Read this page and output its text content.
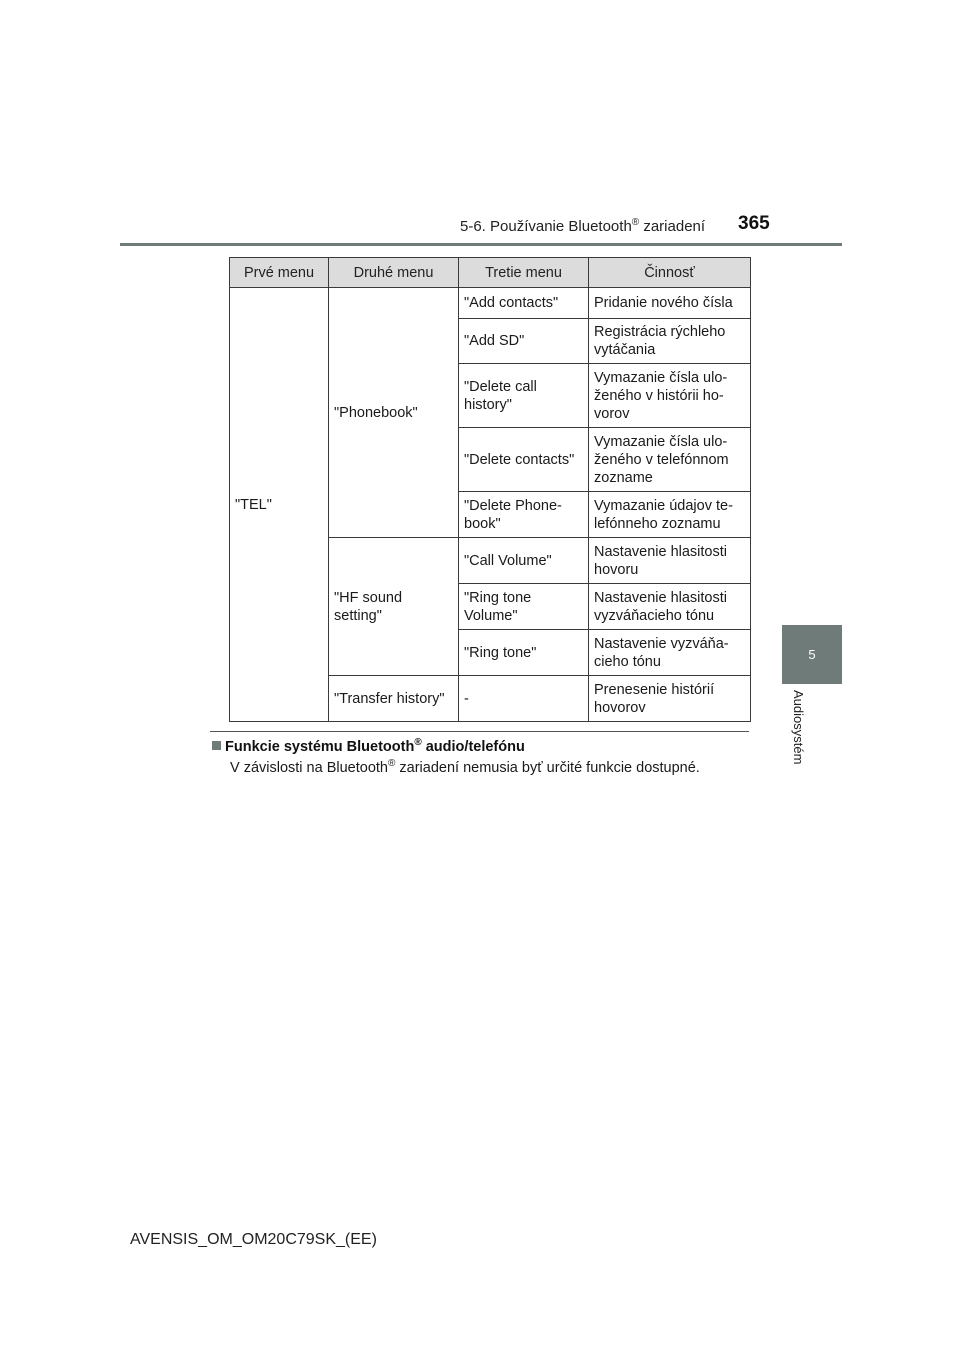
5-6. Používanie Bluetooth® zariadení 365
5
Audiosystém
Prvé menu	Druhé menu	Tretie menu	Činnosť
"TEL"	"Phonebook"	"Add contacts"	Pridanie nového čísla
		"Add SD"	Registrácia rýchleho vytáčania
		"Delete call history"	Vymazanie čísla ulo-ženého v histórii ho-vorov
		"Delete contacts"	Vymazanie čísla ulo-ženého v telefónnom zozname
		"Delete Phone-book"	Vymazanie údajov te-lefónneho zoznamu
	"HF sound setting"	"Call Volume"	Nastavenie hlasitosti hovoru
		"Ring tone Volume"	Nastavenie hlasitosti vyzváňacieho tónu
		"Ring tone"	Nastavenie vyzváňa-cieho tónu
	"Transfer history"	-	Prenesenie histórií hovorov
Funkcie systému Bluetooth® audio/telefónu
V závislosti na Bluetooth® zariadení nemusia byť určité funkcie dostupné.
AVENSIS_OM_OM20C79SK_(EE)
